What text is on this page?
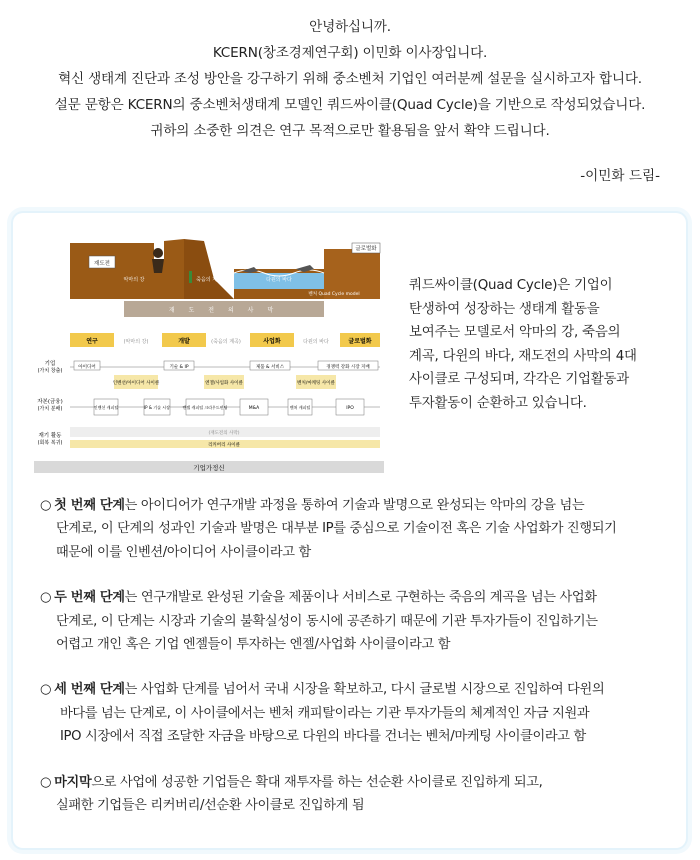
안녕하십니까.

KCERN(창조경제연구회) 이민화 이사장입니다.

혁신 생태계 진단과 조성 방안을 강구하기 위해 중소벤처 기업인 여러분께 설문을 실시하고자 합니다.

설문 문항은 KCERN의 중소벤처생태계 모델인 쿼드싸이클(Quad Cycle)을 기반으로 작성되었습니다.

귀하의 소중한 의견은 연구 목적으로만 활용됨을 앞서 확약 드립니다.

-이민화 드림-
재도전
악마의 강	죽음의 계곡	다윈의 바다
글로벌화
벤처 Quad Cycle model
재 도 전 의 사 막
연구	(악마의 강)	개발	(죽음의 계곡)	사업화	다윈의 바다	글로벌화
기업
(가치 창출)
자본(금융)
(가치 분배)
재기 활동
(회복 복귀)
아이디어	기술 & IP	제품 & 서비스	경쟁력 강화 시장 지배
인벤션/아이디어 사이클	엔젤/사업화 사이클	벤처/마케팅 사이클
인벤션 캐피털	IP & 기술 시장	엔젤 캐피털 크라우드펀딩	M&A	벤처 캐피털	IPO
(재도전의 사막)
리커버리 사이클
기업가정신
쿼드싸이클(Quad Cycle)은 기업이
탄생하여 성장하는 생태계 활동을
보여주는 모델로서 악마의 강, 죽음의
계곡, 다윈의 바다, 재도전의 사막의 4대
사이클로 구성되며, 각각은 기업활동과
투자활동이 순환하고 있습니다.
○ 첫 번째 단계는 아이디어가 연구개발 과정을 통하여 기술과 발명으로 완성되는 악마의 강을 넘는
단계로, 이 단계의 성과인 기술과 발명은 대부분 IP를 중심으로 기술이전 혹은 기술 사업화가 진행되기
때문에 이를 인벤션/아이디어 사이클이라고 함
○ 두 번째 단계는 연구개발로 완성된 기술을 제품이나 서비스로 구현하는 죽음의 계곡을 넘는 사업화
단계로, 이 단계는 시장과 기술의 불확실성이 동시에 공존하기 때문에 기관 투자가들이 진입하기는
어렵고 개인 혹은 기업 엔젤들이 투자하는 엔젤/사업화 사이클이라고 함
○ 세 번째 단계는 사업화 단계를 넘어서 국내 시장을 확보하고, 다시 글로벌 시장으로 진입하여 다윈의
바다를 넘는 단계로, 이 사이클에서는 벤처 캐피탈이라는 기관 투자가들의 체계적인 자금 지원과
IPO 시장에서 직접 조달한 자금을 바탕으로 다윈의 바다를 건너는 벤처/마케팅 사이클이라고 함
○ 마지막으로 사업에 성공한 기업들은 확대 재투자를 하는 선순환 사이클로 진입하게 되고,
실패한 기업들은 리커버리/선순환 사이클로 진입하게 됨
